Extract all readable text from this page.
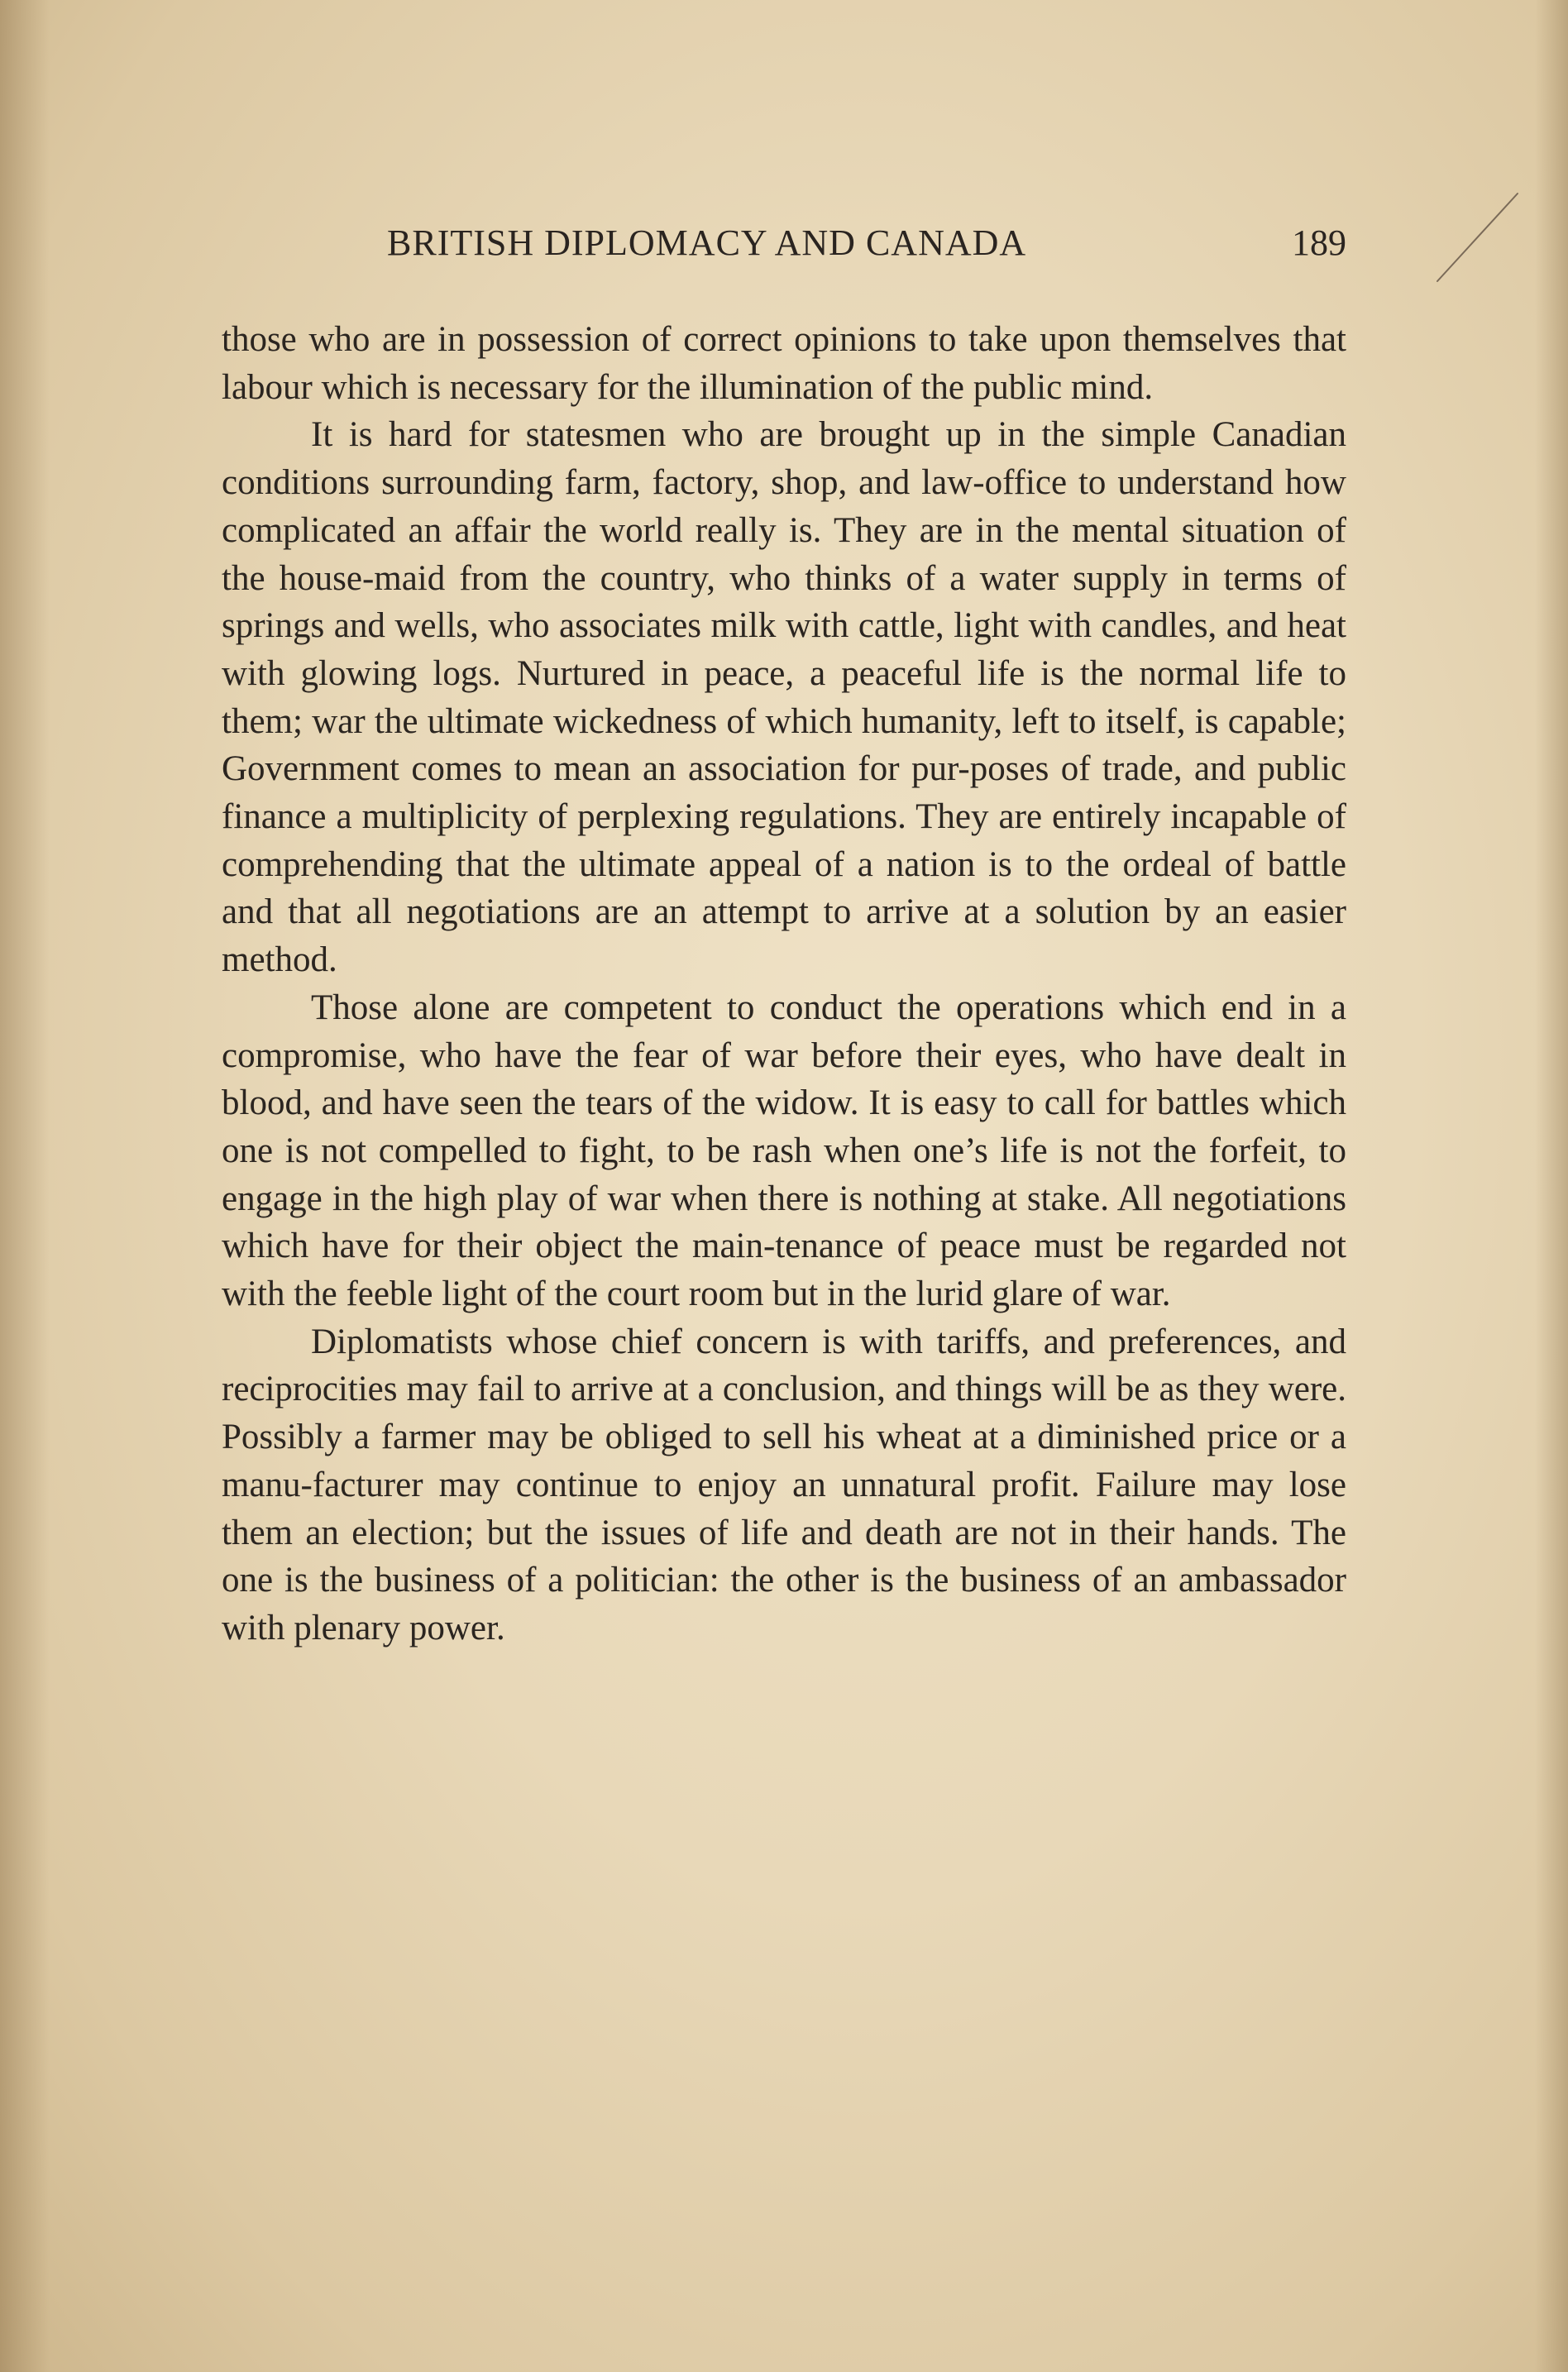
BRITISH DIPLOMACY AND CANADA	189

those who are in possession of correct opinions to take upon themselves that labour which is necessary for the illumination of the public mind.

It is hard for statesmen who are brought up in the simple Canadian conditions surrounding farm, factory, shop, and law-office to understand how complicated an affair the world really is. They are in the mental situation of the house-maid from the country, who thinks of a water supply in terms of springs and wells, who associates milk with cattle, light with candles, and heat with glowing logs. Nurtured in peace, a peaceful life is the normal life to them; war the ultimate wickedness of which humanity, left to itself, is capable; Government comes to mean an association for pur-poses of trade, and public finance a multiplicity of perplexing regulations. They are entirely incapable of comprehending that the ultimate appeal of a nation is to the ordeal of battle and that all negotiations are an attempt to arrive at a solution by an easier method.

Those alone are competent to conduct the operations which end in a compromise, who have the fear of war before their eyes, who have dealt in blood, and have seen the tears of the widow. It is easy to call for battles which one is not compelled to fight, to be rash when one’s life is not the forfeit, to engage in the high play of war when there is nothing at stake. All negotiations which have for their object the main-tenance of peace must be regarded not with the feeble light of the court room but in the lurid glare of war.

Diplomatists whose chief concern is with tariffs, and preferences, and reciprocities may fail to arrive at a conclusion, and things will be as they were. Possibly a farmer may be obliged to sell his wheat at a diminished price or a manu-facturer may continue to enjoy an unnatural profit. Failure may lose them an election; but the issues of life and death are not in their hands. The one is the business of a politician: the other is the business of an ambassador with plenary power.
